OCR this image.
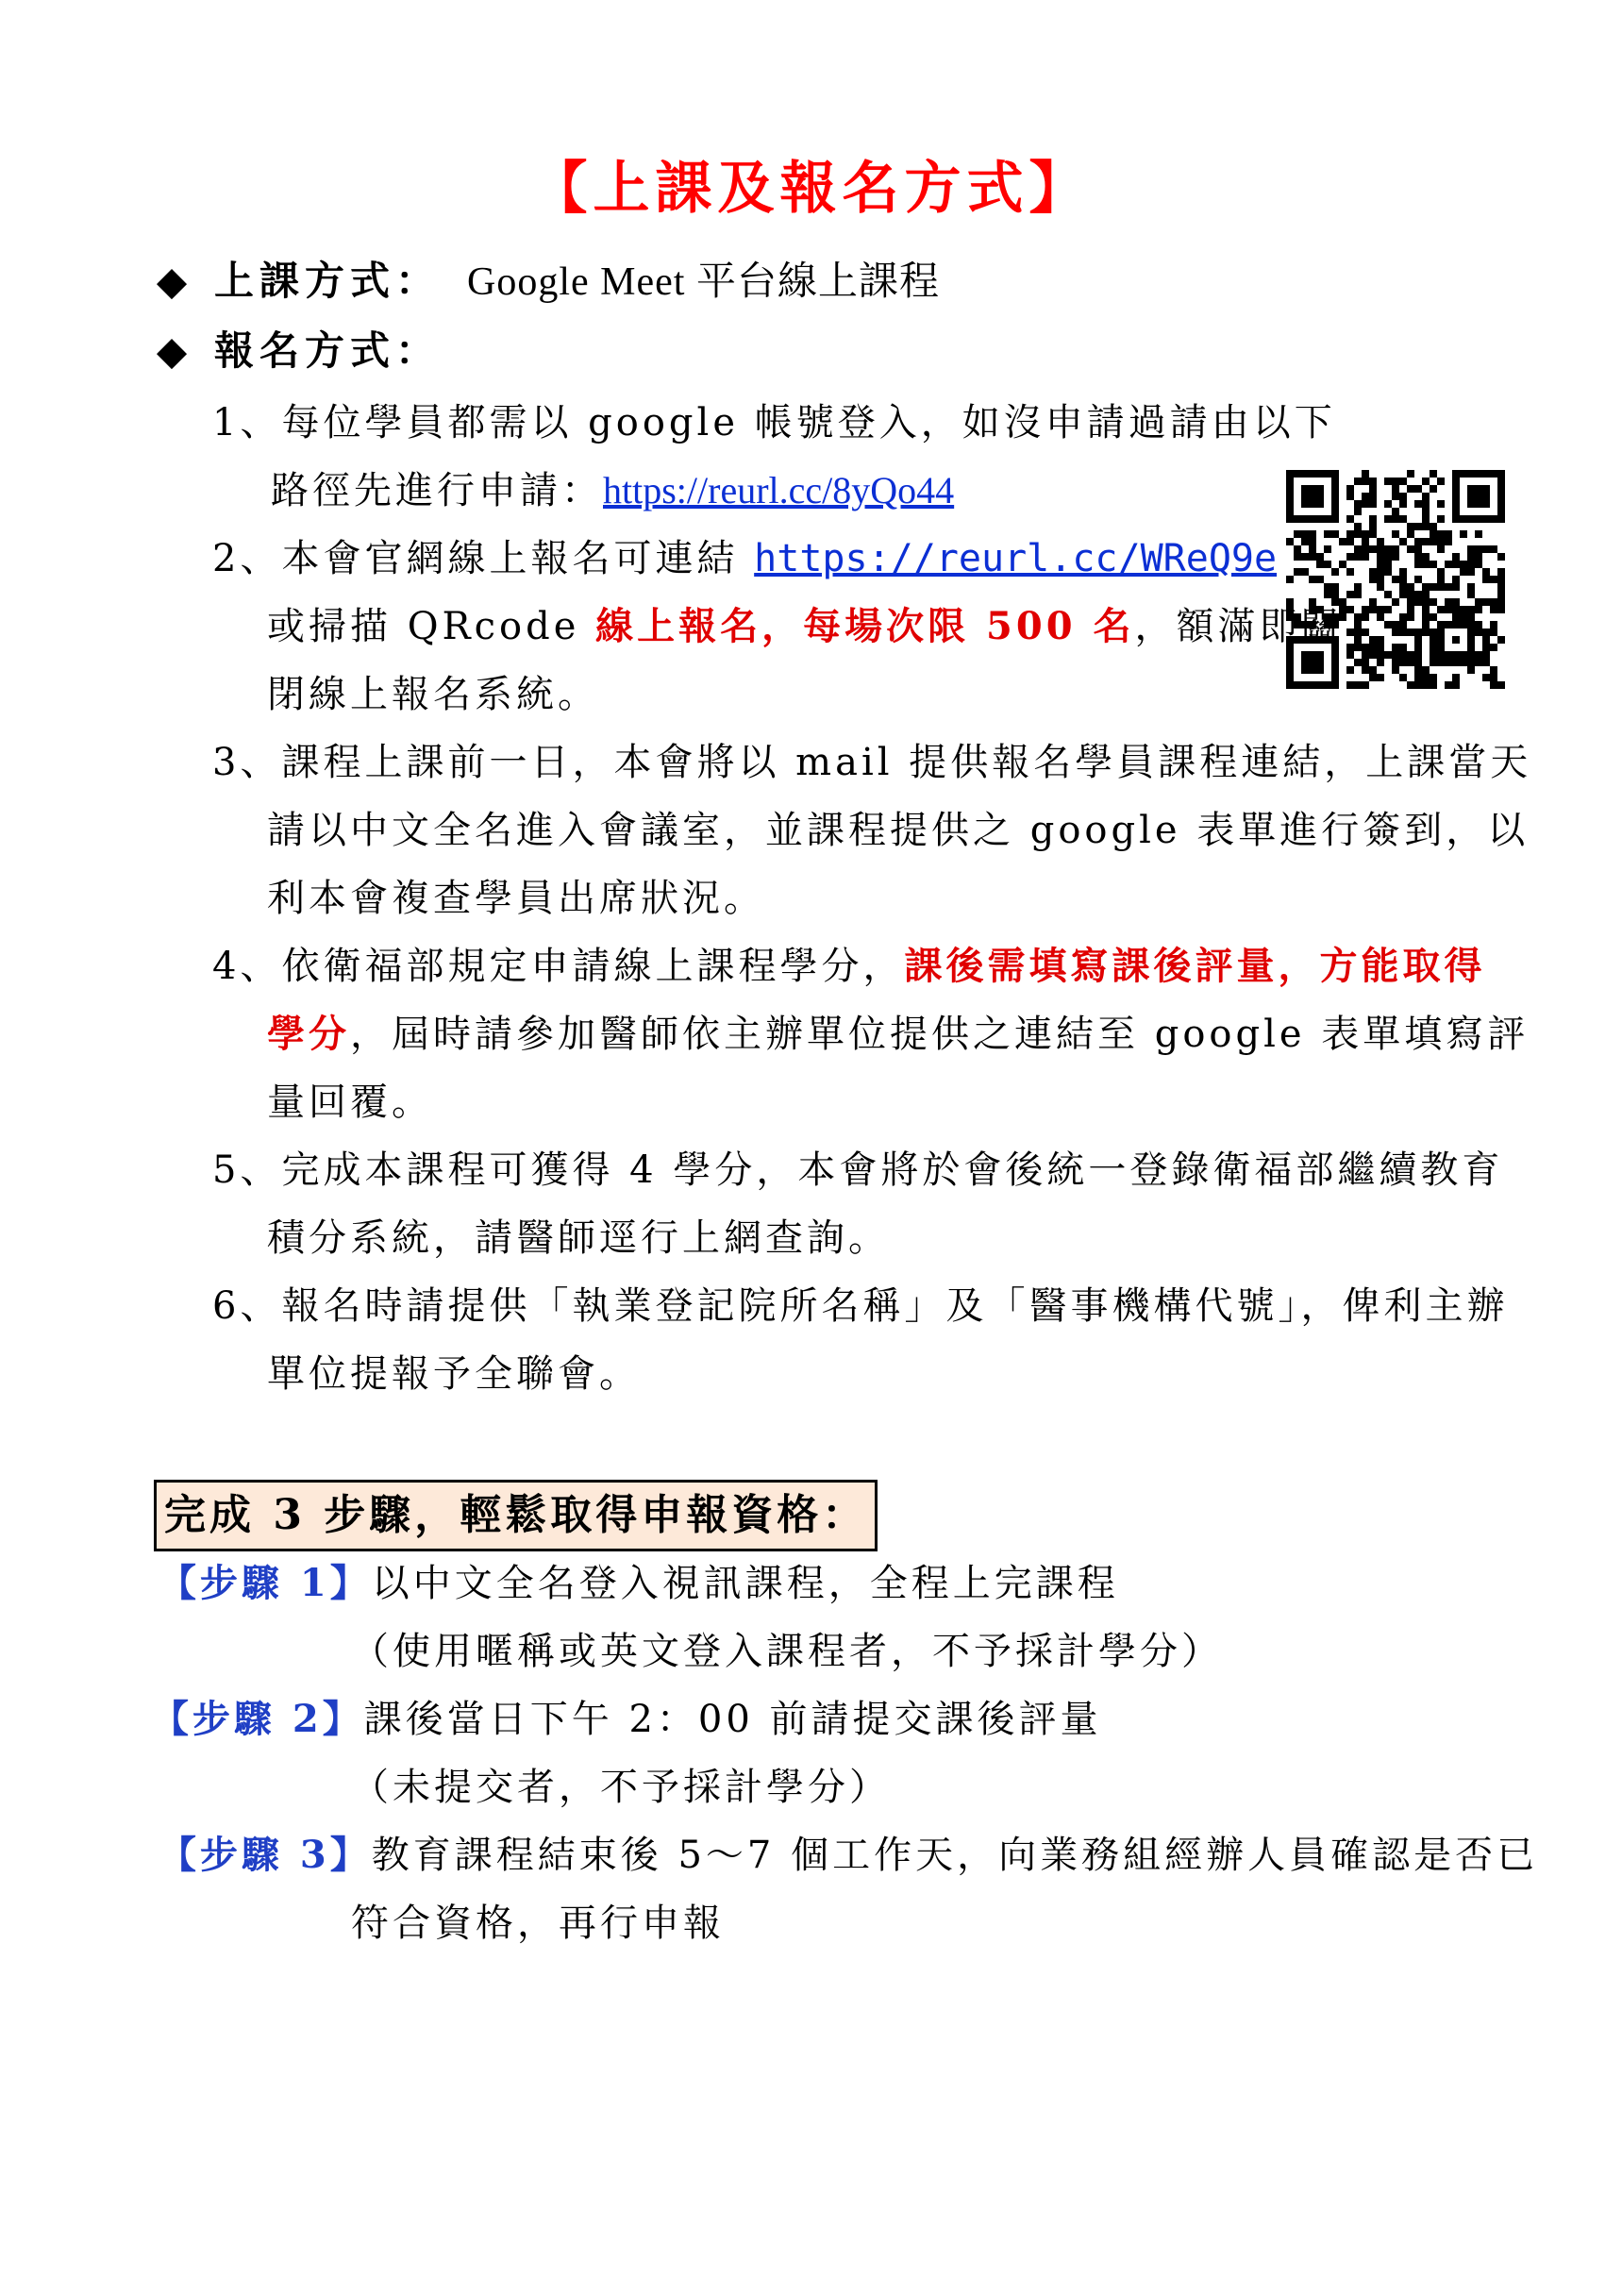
【上課及報名方式】
◆ 上課方式： Google Meet 平台線上課程
◆ 報名方式：
1、每位學員都需以 google 帳號登入，如沒申請過請由以下
路徑先進行申請：https://reurl.cc/8yQo44
2、本會官網線上報名可連結 https://reurl.cc/WReQ9e
或掃描 QRcode 線上報名，每場次限 500 名，額滿即關
閉線上報名系統。
3、課程上課前一日，本會將以 mail 提供報名學員課程連結，上課當天
請以中文全名進入會議室，並課程提供之 google 表單進行簽到，以
利本會複查學員出席狀況。
4、依衛福部規定申請線上課程學分，課後需填寫課後評量，方能取得
學分，屆時請參加醫師依主辦單位提供之連結至 google 表單填寫評
量回覆。
5、完成本課程可獲得 4 學分，本會將於會後統一登錄衛福部繼續教育
積分系統，請醫師逕行上網查詢。
6、報名時請提供「執業登記院所名稱」及「醫事機構代號」，俾利主辦
單位提報予全聯會。
完成 3 步驟，輕鬆取得申報資格：
【步驟 1】以中文全名登入視訊課程，全程上完課程
（使用暱稱或英文登入課程者，不予採計學分）
【步驟 2】課後當日下午 2：00 前請提交課後評量
（未提交者，不予採計學分）
【步驟 3】教育課程結束後 5～7 個工作天，向業務組經辦人員確認是否已
符合資格，再行申報
